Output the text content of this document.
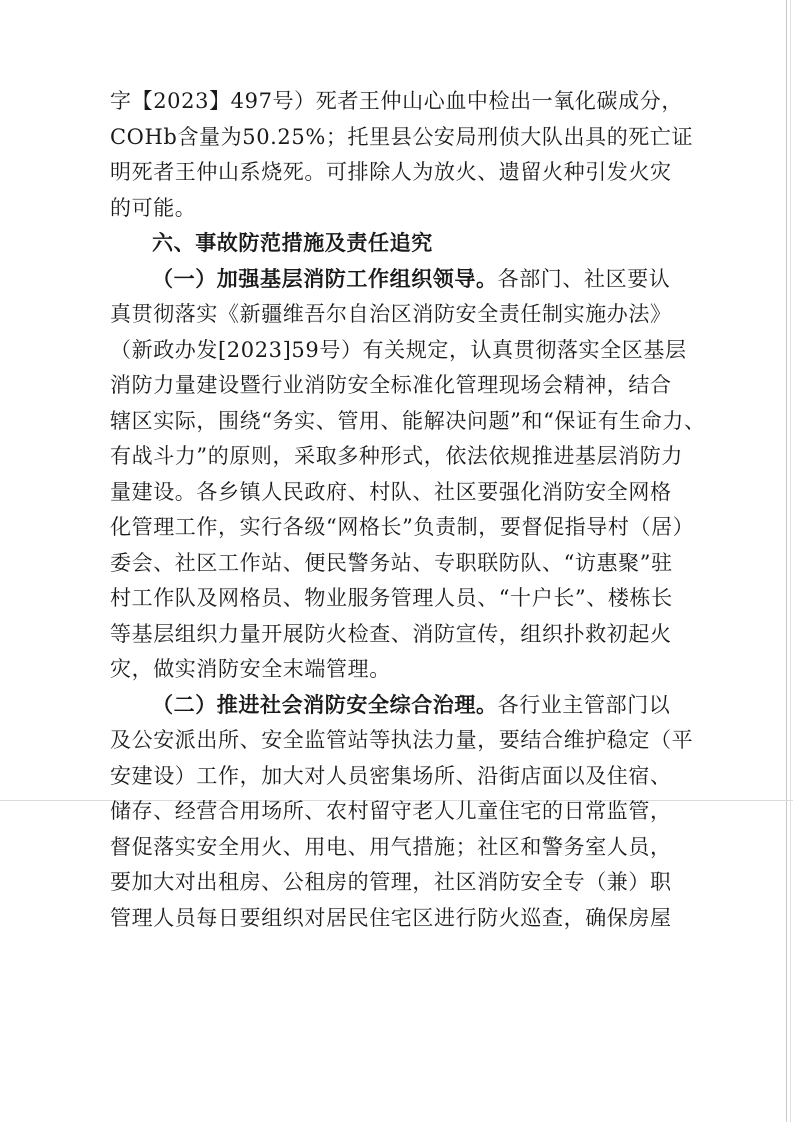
字【2023】497号）死者王仲山心血中检出一氧化碳成分，
COHb含量为50.25%；托里县公安局刑侦大队出具的死亡证
明死者王仲山系烧死。可排除人为放火、遗留火种引发火灾
的可能。
六、事故防范措施及责任追究
（一）加强基层消防工作组织领导。各部门、社区要认
真贯彻落实《新疆维吾尔自治区消防安全责任制实施办法》
（新政办发[2023]59号）有关规定，认真贯彻落实全区基层
消防力量建设暨行业消防安全标准化管理现场会精神，结合
辖区实际，围绕“务实、管用、能解决问题”和“保证有生命力、
有战斗力”的原则，采取多种形式，依法依规推进基层消防力
量建设。各乡镇人民政府、村队、社区要强化消防安全网格
化管理工作，实行各级“网格长”负责制，要督促指导村（居）
委会、社区工作站、便民警务站、专职联防队、“访惠聚”驻
村工作队及网格员、物业服务管理人员、“十户长”、楼栋长
等基层组织力量开展防火检查、消防宣传，组织扑救初起火
灾，做实消防安全末端管理。
（二）推进社会消防安全综合治理。各行业主管部门以
及公安派出所、安全监管站等执法力量，要结合维护稳定（平
安建设）工作，加大对人员密集场所、沿街店面以及住宿、
储存、经营合用场所、农村留守老人儿童住宅的日常监管，
督促落实安全用火、用电、用气措施；社区和警务室人员，
要加大对出租房、公租房的管理，社区消防安全专（兼）职
管理人员每日要组织对居民住宅区进行防火巡查，确保房屋
